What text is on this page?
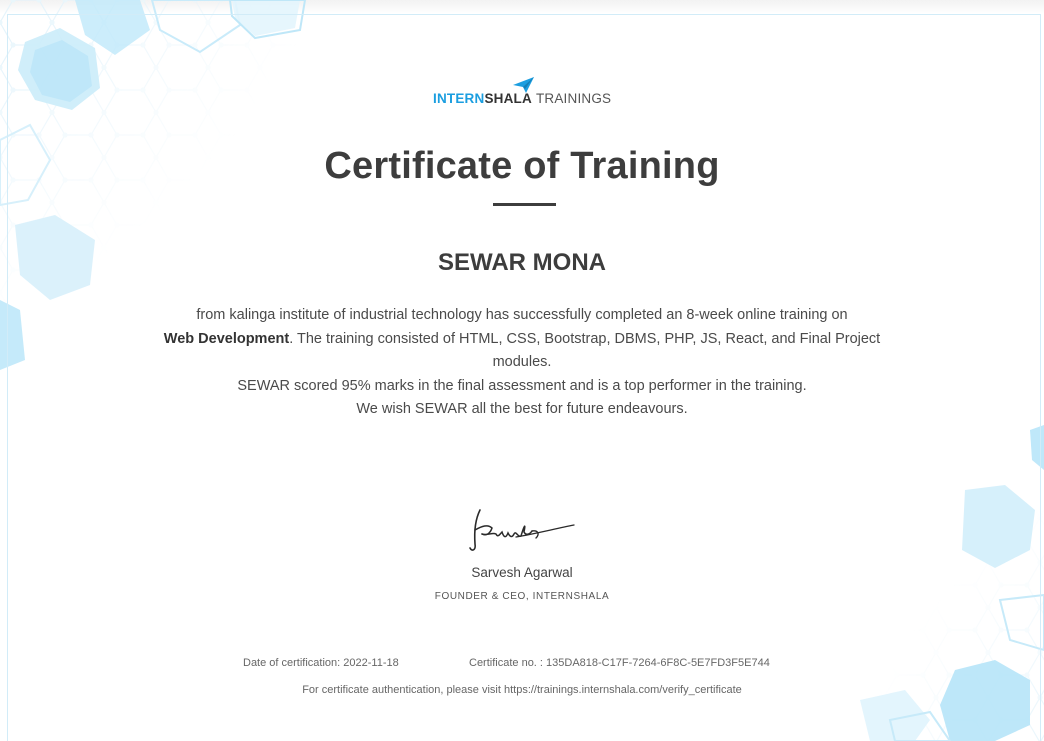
INTERNSHALA TRAININGS
Certificate of Training
SEWAR MONA
from kalinga institute of industrial technology has successfully completed an 8-week online training on
Web Development. The training consisted of HTML, CSS, Bootstrap, DBMS, PHP, JS, React, and Final Project modules.
SEWAR scored 95% marks in the final assessment and is a top performer in the training.
We wish SEWAR all the best for future endeavours.
Sarvesh Agarwal
FOUNDER & CEO, INTERNSHALA
Date of certification: 2022-11-18	Certificate no. : 135DA818-C17F-7264-6F8C-5E7FD3F5E744
For certificate authentication, please visit https://trainings.internshala.com/verify_certificate
